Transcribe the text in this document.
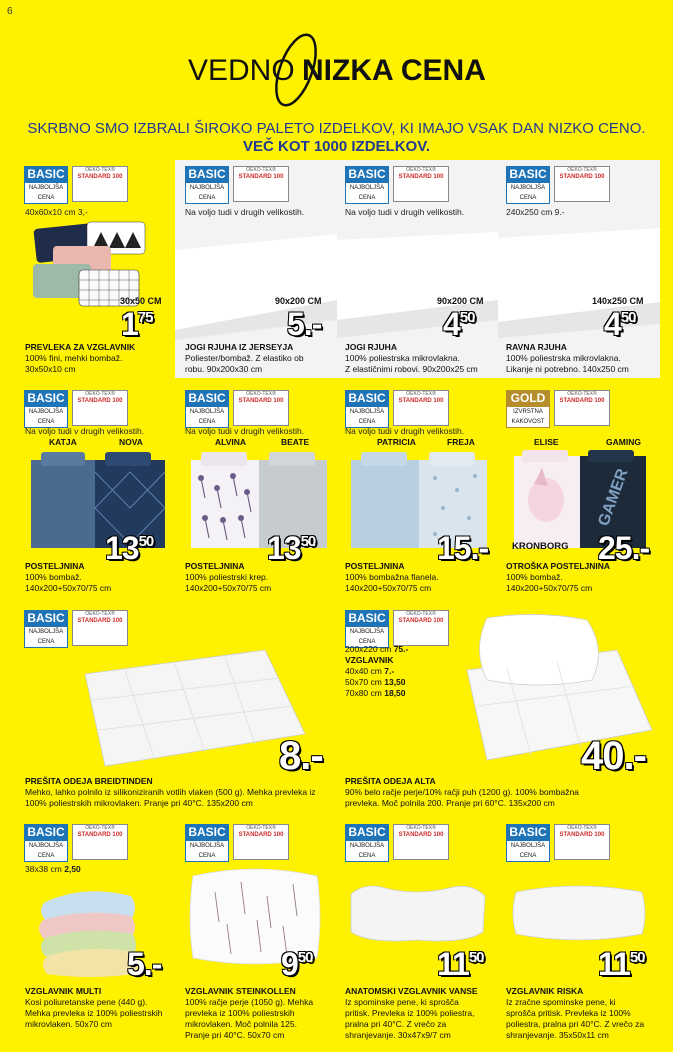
6
VEDNO NIZKA CENA
SKRBNO SMO IZBRALI ŠIROKO PALETO IZDELKOV, KI IMAJO VSAK DAN NIZKO CENO.
VEČ KOT 1000 IZDELKOV.
BASIC
NAJBOLJŠA CENA
OEKO-TEX®
STANDARD 100
40x60x10 cm 3,-
30x50 CM
$1^{75}$
PREVLEKA ZA VZGLAVNIK
100% fini, mehki bombaž.
30x50x10 cm
BASIC
NAJBOLJŠA CENA
OEKO-TEX®
STANDARD 100
Na voljo tudi v drugih velikostih.
90x200 CM
5.-
JOGI RJUHA IZ JERSEYJA
Poliester/bombaž. Z elastiko ob
robu. 90x200x30 cm
BASIC
NAJBOLJŠA CENA
OEKO-TEX®
STANDARD 100
Na voljo tudi v drugih velikostih.
90x200 CM
$4^{50}$
JOGI RJUHA
100% poliestrska mikrovlakna.
Z elastičnimi robovi. 90x200x25 cm
BASIC
NAJBOLJŠA CENA
OEKO-TEX®
STANDARD 100
240x250 cm 9.-
140x250 CM
$4^{50}$
RAVNA RJUHA
100% poliestrska mikrovlakna.
Likanje ni potrebno. 140x250 cm
BASIC
NAJBOLJŠA CENA
OEKO-TEX®
STANDARD 100
Na voljo tudi v drugih velikostih.
KATJA	NOVA
$13^{50}$
POSTELJNINA
100% bombaž.
140x200+50x70/75 cm
BASIC
NAJBOLJŠA CENA
OEKO-TEX®
STANDARD 100
Na voljo tudi v drugih velikostih.
ALVINA	BEATE
$13^{50}$
POSTELJNINA
100% poliestrski krep.
140x200+50x70/75 cm
BASIC
NAJBOLJŠA CENA
OEKO-TEX®
STANDARD 100
Na voljo tudi v drugih velikostih.
PATRICIA	FREJA
15.-
POSTELJNINA
100% bombažna flanela.
140x200+50x70/75 cm
GOLD
IZVRSTNA KAKOVOST
OEKO-TEX®
STANDARD 100
ELISE	GAMING
GAMER
KRONBORG 25.-
OTROŠKA POSTELJNINA
100% bombaž.
140x200+50x70/75 cm
BASIC
NAJBOLJŠA CENA
OEKO-TEX®
STANDARD 100
8.-
PREŠITA ODEJA BREIDTINDEN
Mehko, lahko polnilo iz silikoniziranih votlih vlaken (500 g). Mehka prevleka iz
100% poliestrskih mikrovlaken. Pranje pri 40°C. 135x200 cm
BASIC
NAJBOLJŠA CENA
OEKO-TEX®
STANDARD 100
200x220 cm 75.-
VZGLAVNIK
40x40 cm 7.-
50x70 cm 13,50
70x80 cm 18,50
40.-
PREŠITA ODEJA ALTA
90% belo račje perje/10% račji puh (1200 g). 100% bombažna
prevleka. Moč polnila 200. Pranje pri 60°C. 135x200 cm
BASIC
NAJBOLJŠA CENA
OEKO-TEX®
STANDARD 100
38x38 cm 2,50
5.-
VZGLAVNIK MULTI
Kosi poliuretanske pene (440 g).
Mehka prevleka iz 100% poliestrskih
mikrovlaken. 50x70 cm
BASIC
NAJBOLJŠA CENA
OEKO-TEX®
STANDARD 100
$9^{50}$
VZGLAVNIK STEINKOLLEN
100% račje perje (1050 g). Mehka
prevleka iz 100% poliestrskih
mikrovlaken. Moč polnila 125.
Pranje pri 40°C. 50x70 cm
BASIC
NAJBOLJŠA CENA
OEKO-TEX®
STANDARD 100
$11^{50}$
ANATOMSKI VZGLAVNIK VANSE
Iz spominske pene, ki sprošča
pritisk. Prevleka iz 100% poliestra,
pralna pri 40°C. Z vrečo za
shranjevanje. 30x47x9/7 cm
BASIC
NAJBOLJŠA CENA
OEKO-TEX®
STANDARD 100
$11^{50}$
VZGLAVNIK RISKA
Iz zračne spominske pene, ki
sprošča pritisk. Prevleka iz 100%
poliestra, pralna pri 40°C. Z vrečo za
shranjevanje. 35x50x11 cm
